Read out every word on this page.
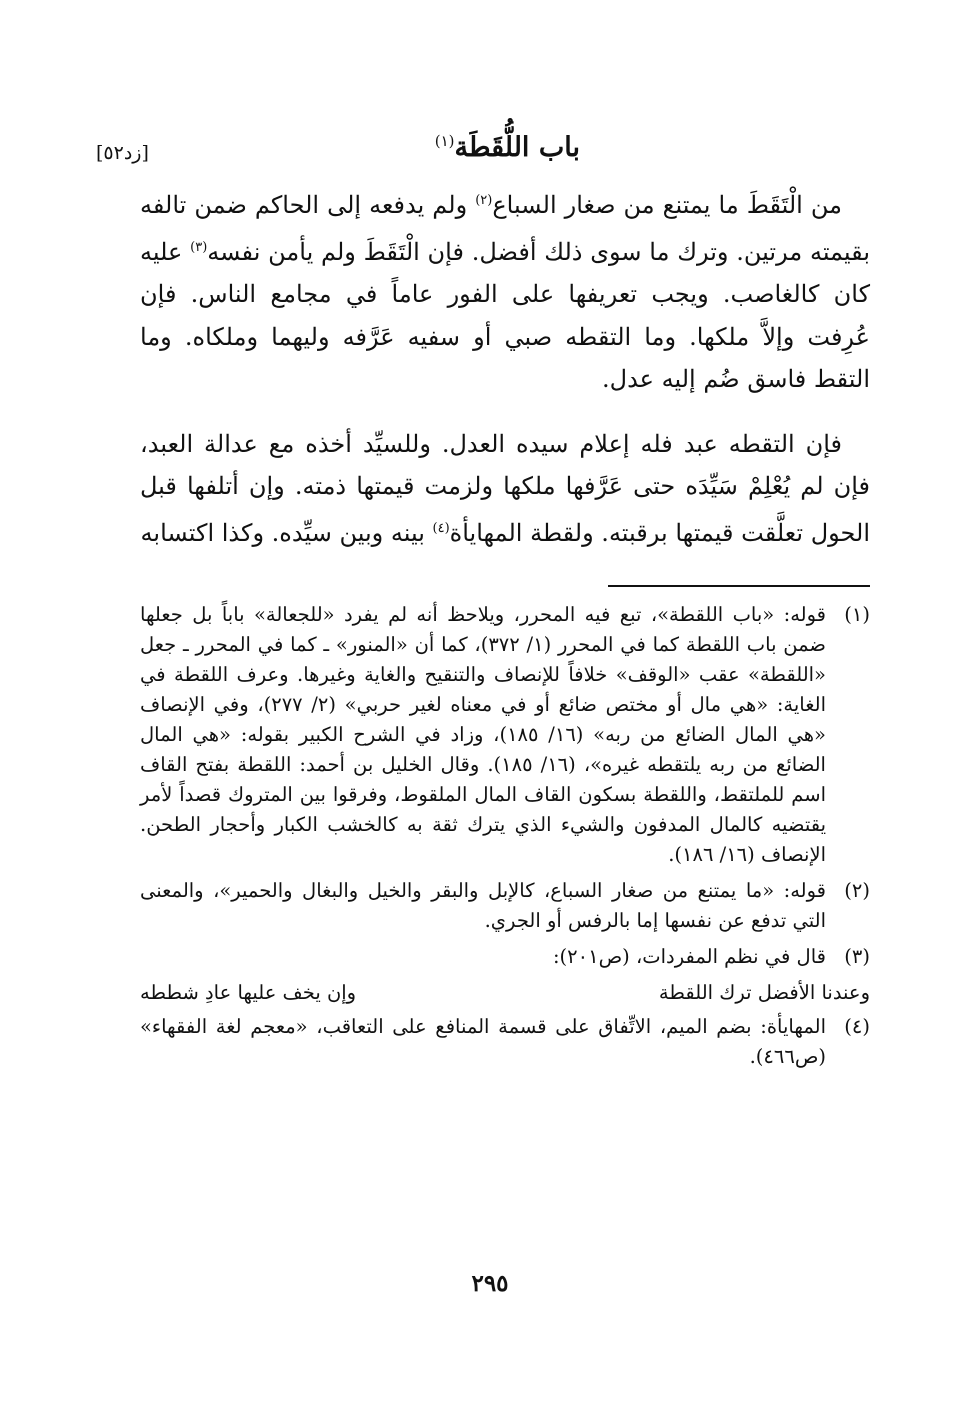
باب اللُّقَطَة$^{(١)}$
[زد٥٢]

من الْتَقَطَ ما يمتنع من صغار السباع$^{(٢)}$ ولم يدفعه إلى الحاكم ضمن تالفه بقيمته مرتين. وترك ما سوى ذلك أفضل. فإن الْتَقَطَ ولم يأمن نفسه$^{(٣)}$ عليه كان كالغاصب. ويجب تعريفها على الفور عاماً في مجامع الناس. فإن عُرِفت وإلاَّ ملكها. وما التقطه صبي أو سفيه عَرَّفه وليهما وملكاه. وما التقط فاسق ضُم إليه عدل.

فإن التقطه عبد فله إعلام سيده العدل. وللسيِّد أخذه مع عدالة العبد، فإن لم يُعْلِمْ سَيِّدَه حتى عَرَّفها ملكها ولزمت قيمتها ذمته. وإن أتلفها قبل الحول تعلَّقت قيمتها برقبته. ولقطة المهايأة$^{(٤)}$ بينه وبين سيِّده. وكذا اكتسابه

(١)
قوله: «باب اللقطة»، تبع فيه المحرر، ويلاحظ أنه لم يفرد «للجعالة» باباً بل جعلها ضمن باب اللقطة كما في المحرر (١/ ٣٧٢)، كما أن «المنور» ـ كما في المحرر ـ جعل «اللقطة» عقب «الوقف» خلافاً للإنصاف والتنقيح والغاية وغيرها. وعرف اللقطة في الغاية: «هي مال أو مختص ضائع أو في معناه لغير حربي» (٢/ ٢٧٧)، وفي الإنصاف «هي المال الضائع من ربه» (١٦/ ١٨٥)، وزاد في الشرح الكبير بقوله: «هي المال الضائع من ربه يلتقطه غيره»، (١٦/ ١٨٥). وقال الخليل بن أحمد: اللقطة بفتح القاف اسم للملتقط، واللقطة بسكون القاف المال الملقوط، وفرقوا بين المتروك قصداً لأمر يقتضيه كالمال المدفون والشيء الذي يترك ثقة به كالخشب الكبار وأحجار الطحن. الإنصاف (١٦/ ١٨٦).
(٢)
قوله: «ما يمتنع من صغار السباع، كالإبل والبقر والخيل والبغال والحمير»، والمعنى التي تدفع عن نفسها إما بالرفس أو الجري.
(٣)
قال في نظم المفردات، (ص٢٠١):
وعندنا الأفضل ترك اللقطة
وإن يخف عليها عادِ شططه
(٤)
المهايأة: بضم الميم، الاتِّفاق على قسمة المنافع على التعاقب، «معجم لغة الفقهاء» (ص٤٦٦).
٢٩٥
